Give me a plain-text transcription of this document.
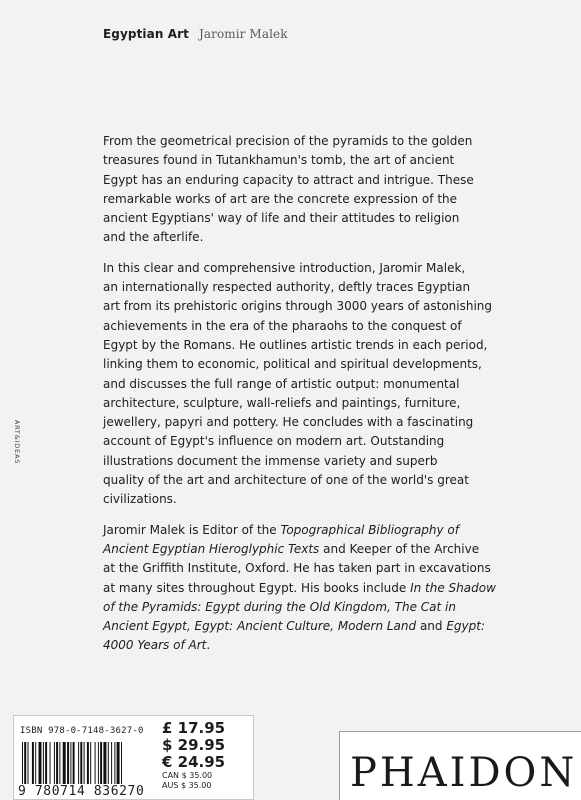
Egyptian Art Jaromir Malek
ART&IDEAS

From the geometrical precision of the pyramids to the golden
treasures found in Tutankhamun's tomb, the art of ancient
Egypt has an enduring capacity to attract and intrigue. These
remarkable works of art are the concrete expression of the
ancient Egyptians' way of life and their attitudes to religion
and the afterlife.

In this clear and comprehensive introduction, Jaromir Malek,
an internationally respected authority, deftly traces Egyptian
art from its prehistoric origins through 3000 years of astonishing
achievements in the era of the pharaohs to the conquest of
Egypt by the Romans. He outlines artistic trends in each period,
linking them to economic, political and spiritual developments,
and discusses the full range of artistic output: monumental
architecture, sculpture, wall-reliefs and paintings, furniture,
jewellery, papyri and pottery. He concludes with a fascinating
account of Egypt's influence on modern art. Outstanding
illustrations document the immense variety and superb
quality of the art and architecture of one of the world's great
civilizations.

Jaromir Malek is Editor of the Topographical Bibliography of
Ancient Egyptian Hieroglyphic Texts and Keeper of the Archive
at the Griffith Institute, Oxford. He has taken part in excavations
at many sites throughout Egypt. His books include In the Shadow
of the Pyramids: Egypt during the Old Kingdom, The Cat in
Ancient Egypt, Egypt: Ancient Culture, Modern Land and Egypt:
4000 Years of Art.

ISBN 978-0-7148-3627-0
9 780714 836270
£ 17.95
$ 29.95
€ 24.95
CAN $ 35.00
AUS $ 35.00	PHAIDON
